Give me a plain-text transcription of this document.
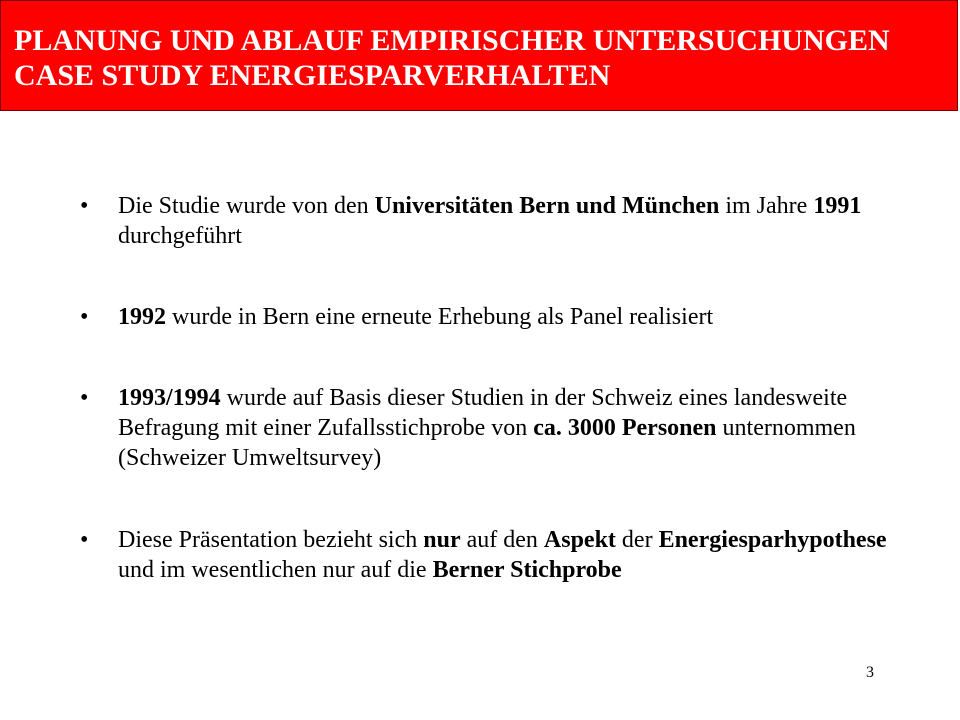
PLANUNG UND ABLAUF EMPIRISCHER UNTERSUCHUNGEN
CASE STUDY ENERGIESPARVERHALTEN
• Die Studie wurde von den Universitäten Bern und München im Jahre 1991 durchgeführt
• 1992 wurde in Bern eine erneute Erhebung als Panel realisiert
• 1993/1994 wurde auf Basis dieser Studien in der Schweiz eines landesweite Befragung mit einer Zufallsstichprobe von ca. 3000 Personen unternommen (Schweizer Umweltsurvey)
• Diese Präsentation bezieht sich nur auf den Aspekt der Energiesparhypothese und im wesentlichen nur auf die Berner Stichprobe
3
